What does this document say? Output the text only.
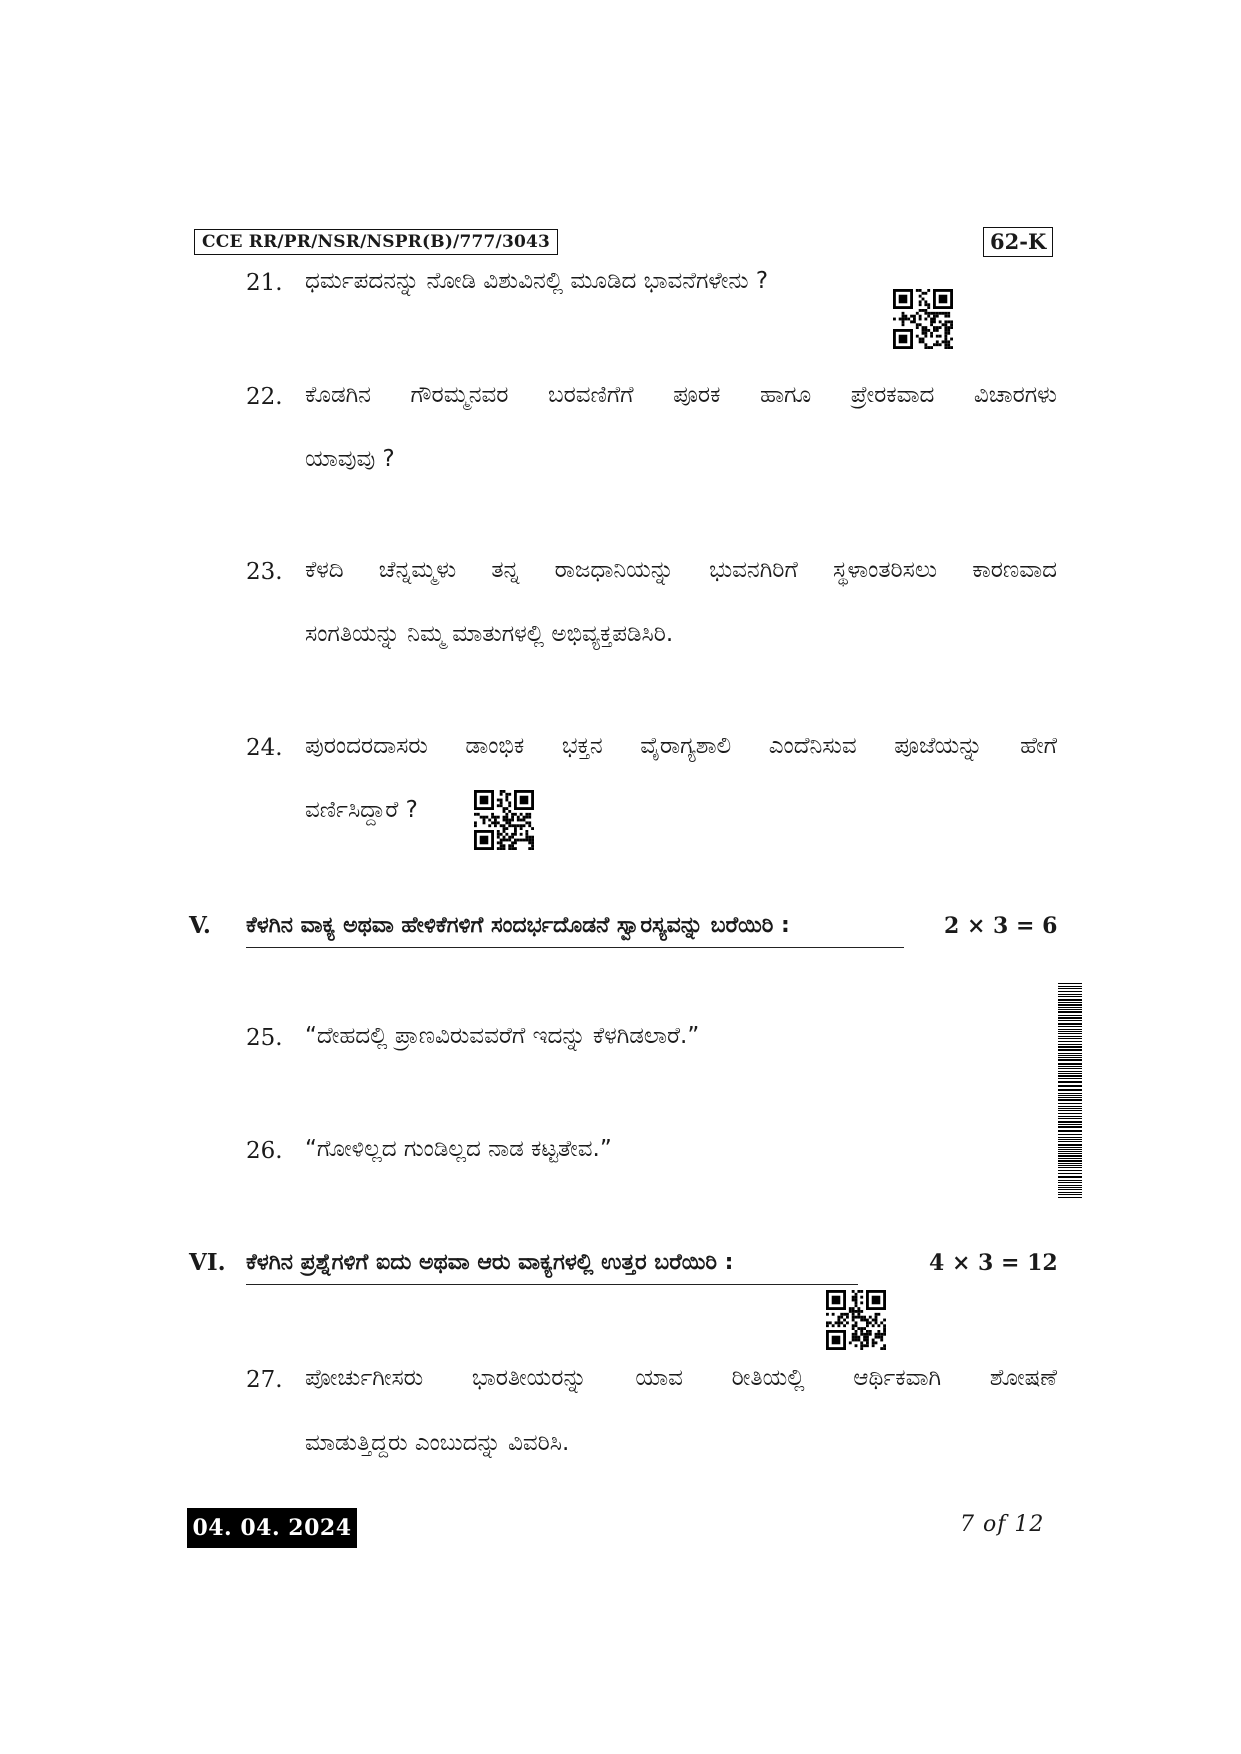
CCE RR/PR/NSR/NSPR(B)/777/3043	62-K
21. ಧರ್ಮಪದನನ್ನು ನೋಡಿ ವಿಶುವಿನಲ್ಲಿ ಮೂಡಿದ ಭಾವನೆಗಳೇನು ?
22. ಕೊಡಗಿನ ಗೌರಮ್ಮನವರ ಬರವಣಿಗೆಗೆ ಪೂರಕ ಹಾಗೂ ಪ್ರೇರಕವಾದ ವಿಚಾರಗಳು
ಯಾವುವು ?
23. ಕೆಳದಿ ಚೆನ್ನಮ್ಮಳು ತನ್ನ ರಾಜಧಾನಿಯನ್ನು ಭುವನಗಿರಿಗೆ ಸ್ಥಳಾಂತರಿಸಲು ಕಾರಣವಾದ
ಸಂಗತಿಯನ್ನು ನಿಮ್ಮ ಮಾತುಗಳಲ್ಲಿ ಅಭಿವ್ಯಕ್ತಪಡಿಸಿರಿ.
24. ಪುರಂದರದಾಸರು ಡಾಂಭಿಕ ಭಕ್ತನ ವೈರಾಗ್ಯಶಾಲಿ ಎಂದೆನಿಸುವ ಪೂಜೆಯನ್ನು ಹೇಗೆ
ವರ್ಣಿಸಿದ್ದಾರೆ ?
V. ಕೆಳಗಿನ ವಾಕ್ಯ ಅಥವಾ ಹೇಳಿಕೆಗಳಿಗೆ ಸಂದರ್ಭದೊಡನೆ ಸ್ವಾರಸ್ಯವನ್ನು ಬರೆಯಿರಿ :	2 × 3 = 6
25. “ದೇಹದಲ್ಲಿ ಪ್ರಾಣವಿರುವವರೆಗೆ ಇದನ್ನು ಕೆಳಗಿಡಲಾರೆ.”
26. “ಗೋಳಿಲ್ಲದ ಗುಂಡಿಲ್ಲದ ನಾಡ ಕಟ್ಟತೇವ.”
VI. ಕೆಳಗಿನ ಪ್ರಶ್ನೆಗಳಿಗೆ ಐದು ಅಥವಾ ಆರು ವಾಕ್ಯಗಳಲ್ಲಿ ಉತ್ತರ ಬರೆಯಿರಿ :	4 × 3 = 12
27. ಪೋರ್ಚುಗೀಸರು ಭಾರತೀಯರನ್ನು ಯಾವ ರೀತಿಯಲ್ಲಿ ಆರ್ಥಿಕವಾಗಿ ಶೋಷಣೆ
ಮಾಡುತ್ತಿದ್ದರು ಎಂಬುದನ್ನು ವಿವರಿಸಿ.
04. 04. 2024	7 of 12
